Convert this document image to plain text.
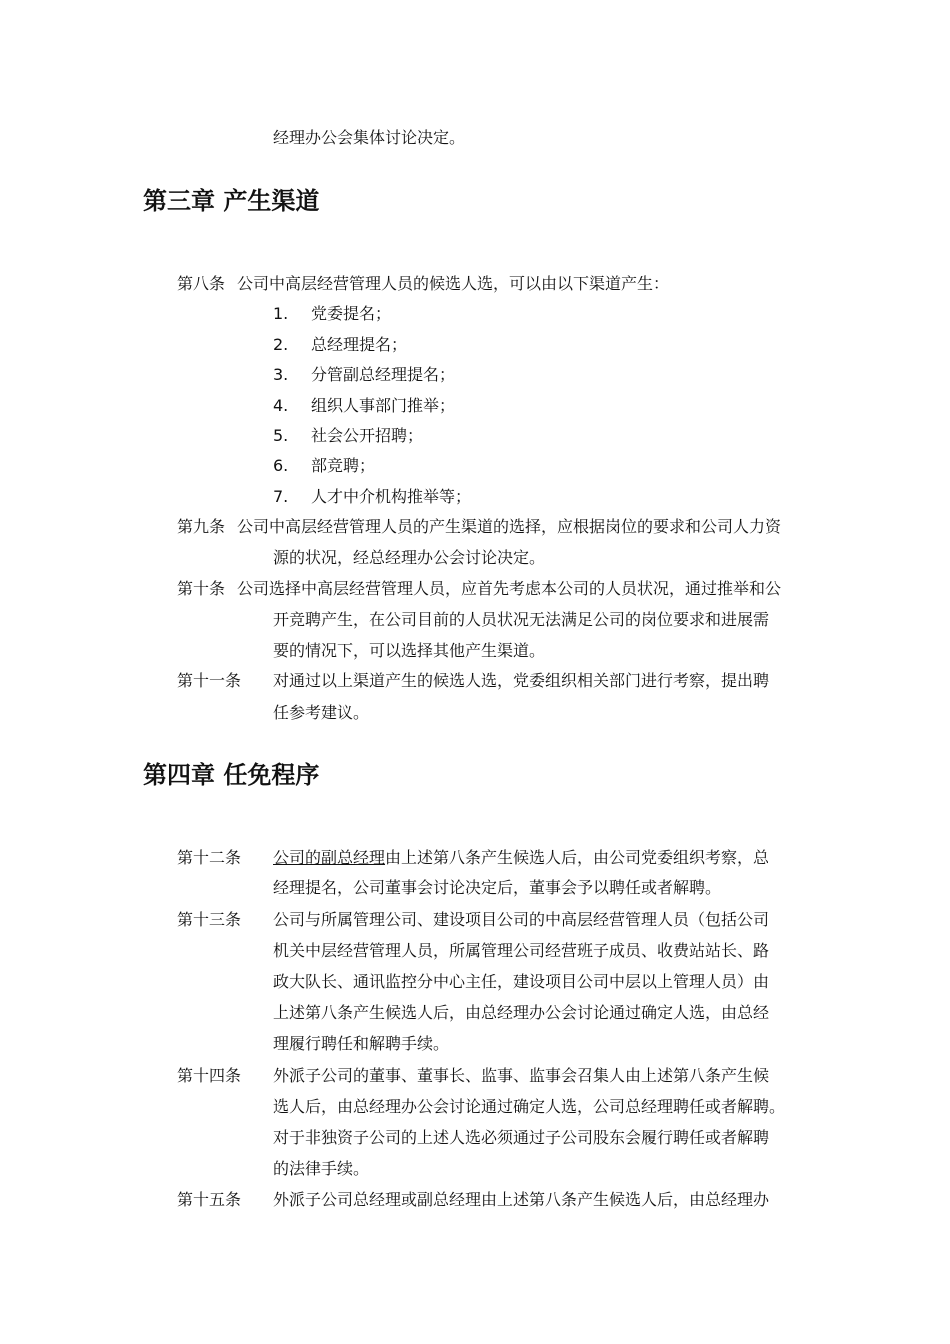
经理办公会集体讨论决定。
第三章 产生渠道
第八条 公司中高层经营管理人员的候选人选，可以由以下渠道产生：
1. 党委提名；
2. 总经理提名；
3. 分管副总经理提名；
4. 组织人事部门推举；
5. 社会公开招聘；
6. 部竞聘；
7. 人才中介机构推举等；
第九条 公司中高层经营管理人员的产生渠道的选择，应根据岗位的要求和公司人力资
源的状况，经总经理办公会讨论决定。
第十条 公司选择中高层经营管理人员，应首先考虑本公司的人员状况，通过推举和公
开竞聘产生，在公司目前的人员状况无法满足公司的岗位要求和进展需
要的情况下，可以选择其他产生渠道。
第十一条 对通过以上渠道产生的候选人选，党委组织相关部门进行考察，提出聘
任参考建议。
第四章 任免程序
第十二条 公司的副总经理由上述第八条产生候选人后，由公司党委组织考察，总
经理提名，公司董事会讨论决定后，董事会予以聘任或者解聘。
第十三条 公司与所属管理公司、建设项目公司的中高层经营管理人员（包括公司
机关中层经营管理人员，所属管理公司经营班子成员、收费站站长、路
政大队长、通讯监控分中心主任，建设项目公司中层以上管理人员）由
上述第八条产生候选人后，由总经理办公会讨论通过确定人选，由总经
理履行聘任和解聘手续。
第十四条 外派子公司的董事、董事长、监事、监事会召集人由上述第八条产生候
选人后，由总经理办公会讨论通过确定人选，公司总经理聘任或者解聘。
对于非独资子公司的上述人选必须通过子公司股东会履行聘任或者解聘
的法律手续。
第十五条 外派子公司总经理或副总经理由上述第八条产生候选人后，由总经理办
